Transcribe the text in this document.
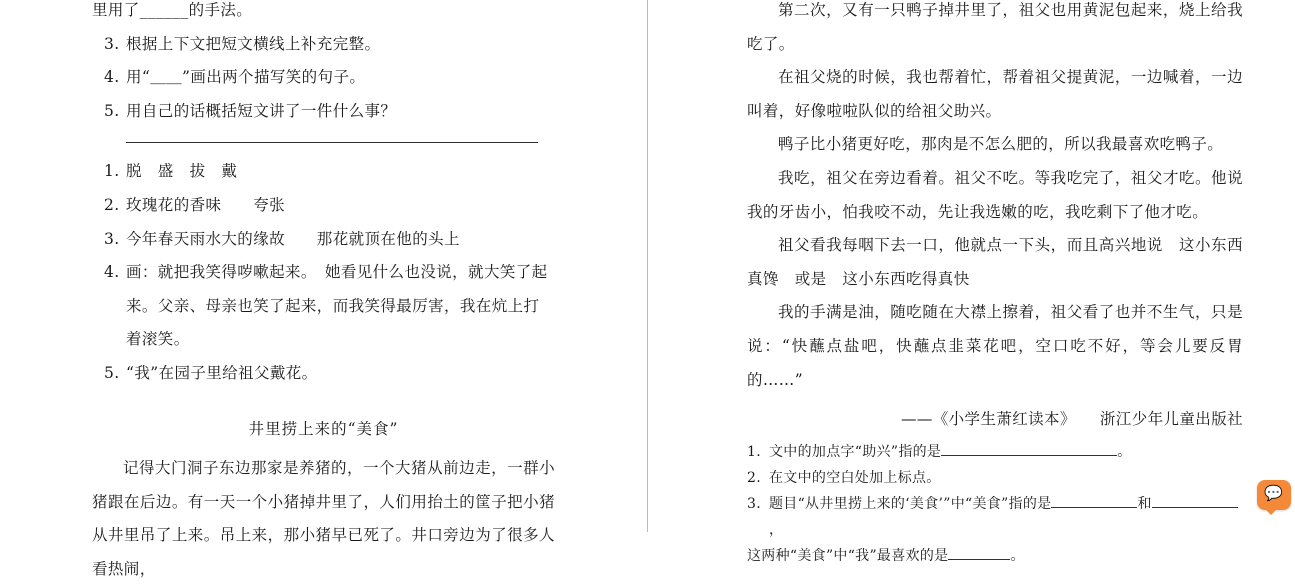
里用了______的手法。

3. 根据上下文把短文横线上补充完整。

4. 用“＿＿”画出两个描写笑的句子。

5. 用自己的话概括短文讲了一件什么事？

1. 脱　盛　拔　戴

2. 玫瑰花的香味　　夸张

3. 今年春天雨水大的缘故　　那花就顶在他的头上

4. 画：就把我笑得哕嗽起来。　她看见什么也没说，就大笑了起来。父亲、母亲也笑了起来，而我笑得最厉害，我在炕上打着滚笑。

5. “我”在园子里给祖父戴花。

井里捞上来的“美食”

记得大门洞子东边那家是养猪的，一个大猪从前边走，一群小猪跟在后边。有一天一个小猪掉井里了，人们用抬土的筐子把小猪从井里吊了上来。吊上来，那小猪早已死了。井口旁边为了很多人看热闹，

第二次，又有一只鸭子掉井里了，祖父也用黄泥包起来，烧上给我吃了。

在祖父烧的时候，我也帮着忙，帮着祖父提黄泥，一边喊着，一边叫着，好像啦啦队似的给祖父助兴。

鸭子比小猪更好吃，那肉是不怎么肥的，所以我最喜欢吃鸭子。

我吃，祖父在旁边看着。祖父不吃。等我吃完了，祖父才吃。他说我的牙齿小，怕我咬不动，先让我选嫩的吃，我吃剩下了他才吃。

祖父看我每咽下去一口，他就点一下头，而且高兴地说　这小东西真馋　或是　这小东西吃得真快

我的手满是油，随吃随在大襟上擦着，祖父看了也并不生气，只是说：“快蘸点盐吧，快蘸点韭菜花吧，空口吃不好，等会儿要反胃的……”

——《小学生萧红读本》　　浙江少年儿童出版社

1. 文中的加点字“助兴”指的是	。

2. 在文中的空白处加上标点。

3. 题目“从井里捞上来的‘美食’”中“美食”指的是	和，

这两种“美食”中“我”最喜欢的是	。

💬
